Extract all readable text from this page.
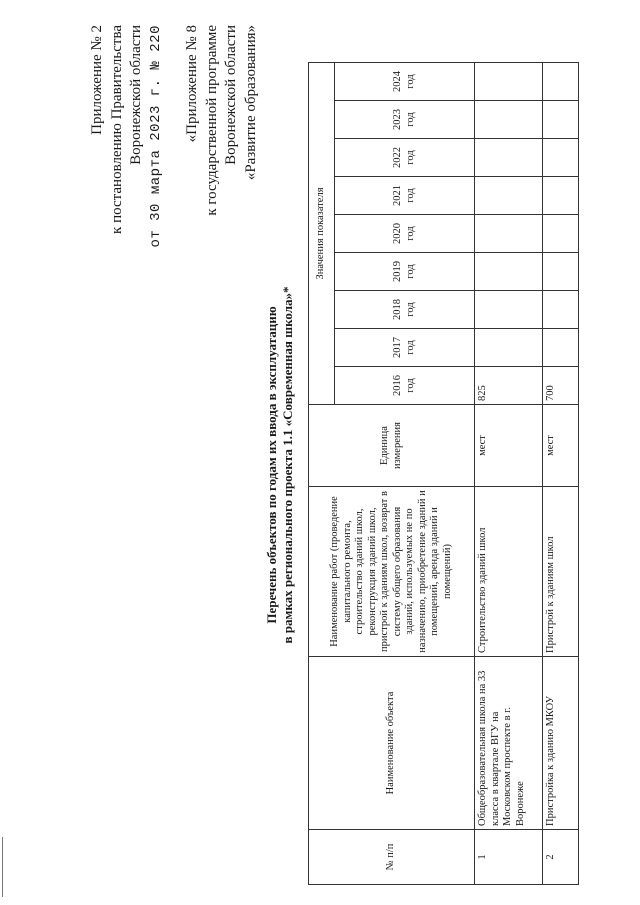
Приложение № 2 к постановлению Правительства Воронежской области от 30 марта 2023 г. № 220 «Приложение № 8 к государственной программе Воронежской области «Развитие образования»
Перечень объектов по годам их ввода в эксплуатацию в рамках регионального проекта 1.1 «Современная школа»*
№ п/п	Наименование объекта	Наименование работ (проведение капитального ремонта, строительство зданий школ, реконструкция зданий школ, пристрой к зданиям школ, возврат в систему общего образования зданий, используемых не по назначению, приобретение зданий и помещений, аренда зданий и помещений)	Единица измерения	Значения показателя								
				2016 год	2017 год	2018 год	2019 год	2020 год	2021 год	2022 год	2023 год	2024 год
1	Общеобразовательная школа на 33 класса в квартале ВГУ на Московском проспекте в г. Воронеже	Строительство зданий школ	мест	825								
2	Пристройка к зданию МКОУ	Пристрой к зданиям школ	мест	700								
